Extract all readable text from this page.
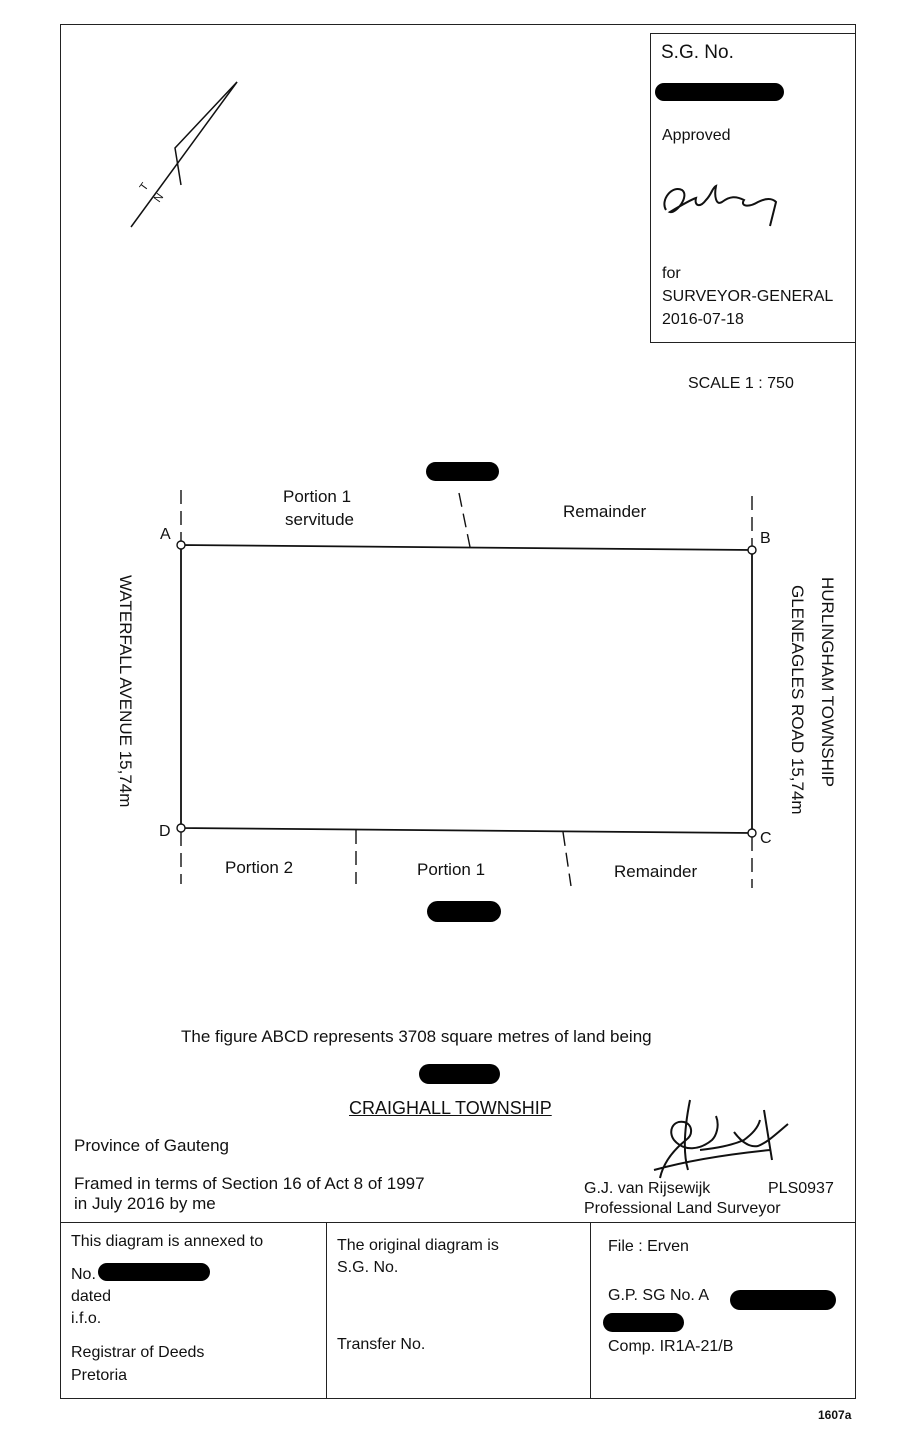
S.G. No.
Approved
for
SURVEYOR-GENERAL
2016-07-18
SCALE 1 : 750
A	B
C
D
T
N
Portion 1
servitude	Remainder
Portion 2	Portion 1	Remainder
WATERFALL AVENUE 15,74m	GLENEAGLES ROAD 15,74m HURLINGHAM TOWNSHIP
The figure ABCD represents 3708 square metres of land being
CRAIGHALL TOWNSHIP
Province of Gauteng
Framed in terms of Section 16 of Act 8 of 1997
in July 2016 by me
G.J. van Rijsewijk	PLS0937
Professional Land Surveyor
This diagram is annexed to
No.
dated
i.f.o.
Registrar of Deeds
Pretoria
The original diagram is
S.G. No.
Transfer No.
File : Erven
G.P. SG No. A
Comp. IR1A-21/B
1607a
